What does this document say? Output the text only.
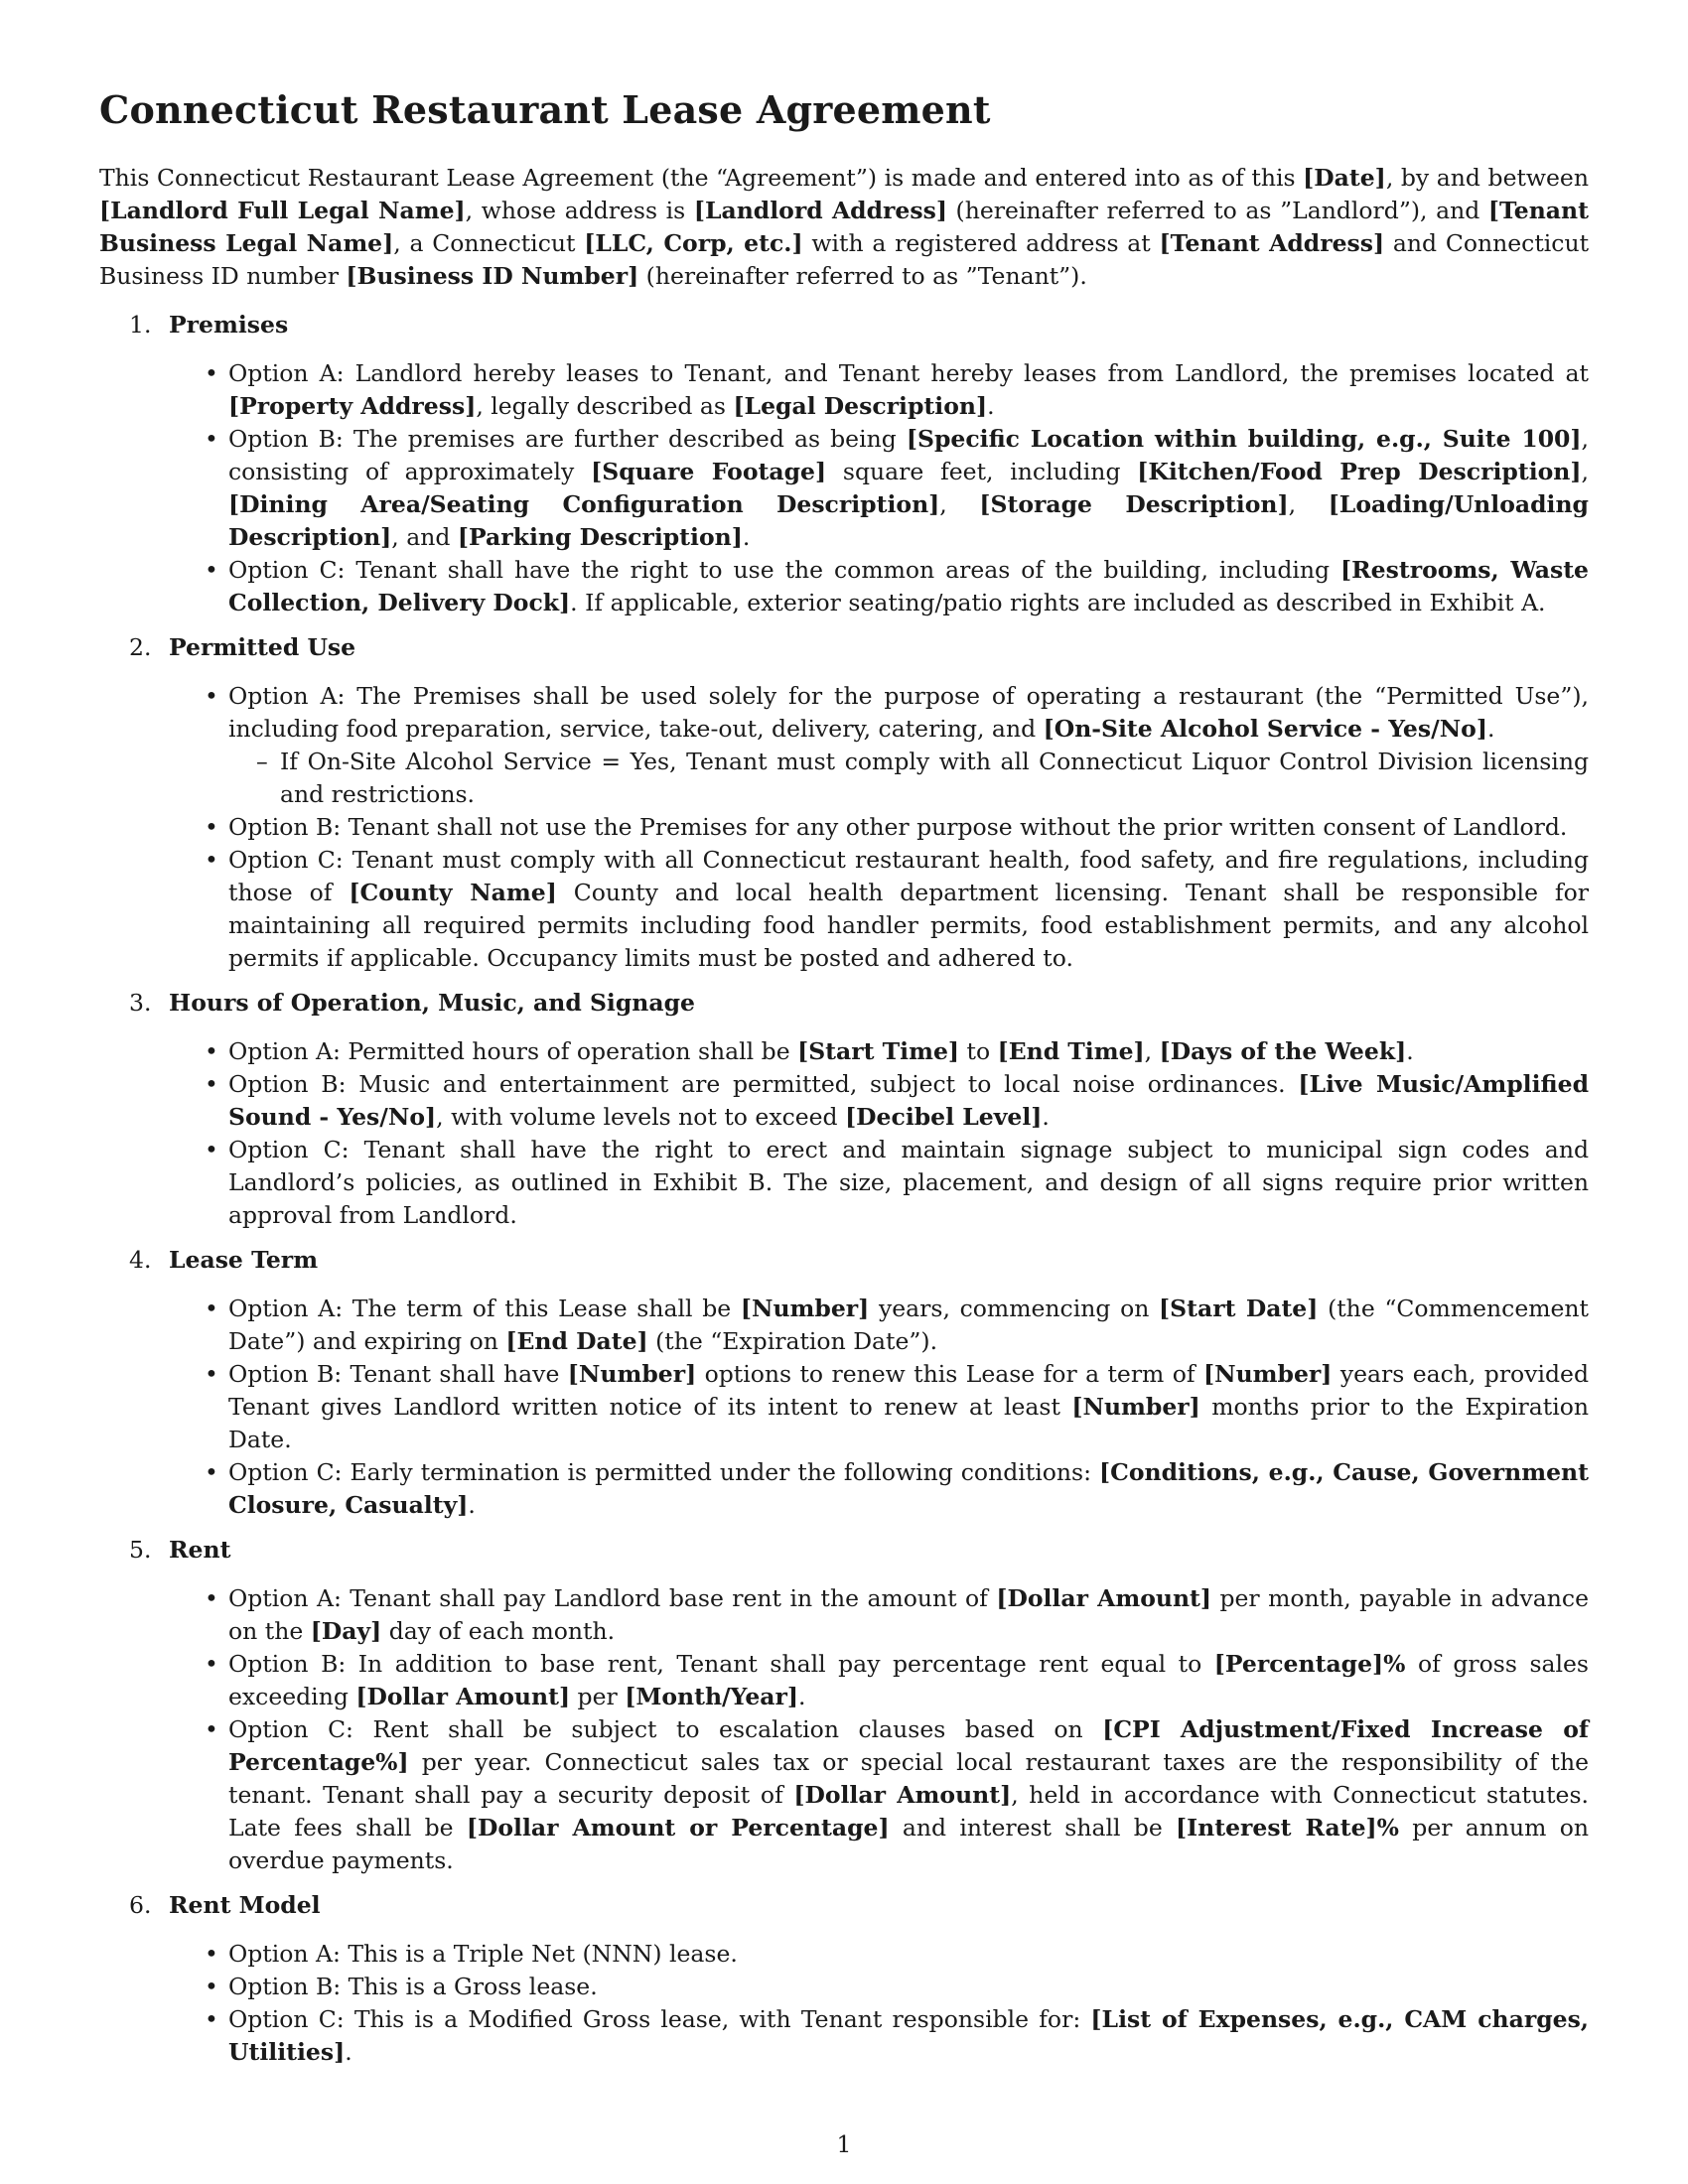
Connecticut Restaurant Lease Agreement

This Connecticut Restaurant Lease Agreement (the “Agreement”) is made and entered into as of this [Date], by and between [Landlord Full Legal Name], whose address is [Landlord Address] (hereinafter referred to as ”Landlord”), and [Tenant Business Legal Name], a Connecticut [LLC, Corp, etc.] with a registered address at [Tenant Address] and Connecticut Business ID number [Business ID Number] (hereinafter referred to as ”Tenant”).

1. Premises
• Option A: Landlord hereby leases to Tenant, and Tenant hereby leases from Landlord, the premises located at [Property Address], legally described as [Legal Description].
• Option B: The premises are further described as being [Specific Location within building, e.g., Suite 100], consisting of approximately [Square Footage] square feet, including [Kitchen/Food Prep Description], [Dining Area/Seating Configuration Description], [Storage Description], [Loading/Unloading Description], and [Parking Description].
• Option C: Tenant shall have the right to use the common areas of the building, including [Restrooms, Waste Collection, Delivery Dock]. If applicable, exterior seating/patio rights are included as described in Exhibit A.
2. Permitted Use
• Option A: The Premises shall be used solely for the purpose of operating a restaurant (the “Permitted Use”), including food preparation, service, take-out, delivery, catering, and [On-Site Alcohol Service - Yes/No].
– If On-Site Alcohol Service = Yes, Tenant must comply with all Connecticut Liquor Control Division licensing and restrictions.
• Option B: Tenant shall not use the Premises for any other purpose without the prior written consent of Landlord.
• Option C: Tenant must comply with all Connecticut restaurant health, food safety, and fire regulations, including those of [County Name] County and local health department licensing. Tenant shall be responsible for maintaining all required permits including food handler permits, food establishment permits, and any alcohol permits if applicable. Occupancy limits must be posted and adhered to.
3. Hours of Operation, Music, and Signage
• Option A: Permitted hours of operation shall be [Start Time] to [End Time], [Days of the Week].
• Option B: Music and entertainment are permitted, subject to local noise ordinances. [Live Music/Amplified Sound - Yes/No], with volume levels not to exceed [Decibel Level].
• Option C: Tenant shall have the right to erect and maintain signage subject to municipal sign codes and Landlord’s policies, as outlined in Exhibit B. The size, placement, and design of all signs require prior written approval from Landlord.
4. Lease Term
• Option A: The term of this Lease shall be [Number] years, commencing on [Start Date] (the “Commencement Date”) and expiring on [End Date] (the “Expiration Date”).
• Option B: Tenant shall have [Number] options to renew this Lease for a term of [Number] years each, provided Tenant gives Landlord written notice of its intent to renew at least [Number] months prior to the Expiration Date.
• Option C: Early termination is permitted under the following conditions: [Conditions, e.g., Cause, Government Closure, Casualty].
5. Rent
• Option A: Tenant shall pay Landlord base rent in the amount of [Dollar Amount] per month, payable in advance on the [Day] day of each month.
• Option B: In addition to base rent, Tenant shall pay percentage rent equal to [Percentage]% of gross sales exceeding [Dollar Amount] per [Month/Year].
• Option C: Rent shall be subject to escalation clauses based on [CPI Adjustment/Fixed Increase of Percentage%] per year. Connecticut sales tax or special local restaurant taxes are the responsibility of the tenant. Tenant shall pay a security deposit of [Dollar Amount], held in accordance with Connecticut statutes. Late fees shall be [Dollar Amount or Percentage] and interest shall be [Interest Rate]% per annum on overdue payments.
6. Rent Model
• Option A: This is a Triple Net (NNN) lease.
• Option B: This is a Gross lease.
• Option C: This is a Modified Gross lease, with Tenant responsible for: [List of Expenses, e.g., CAM charges, Utilities].
1
